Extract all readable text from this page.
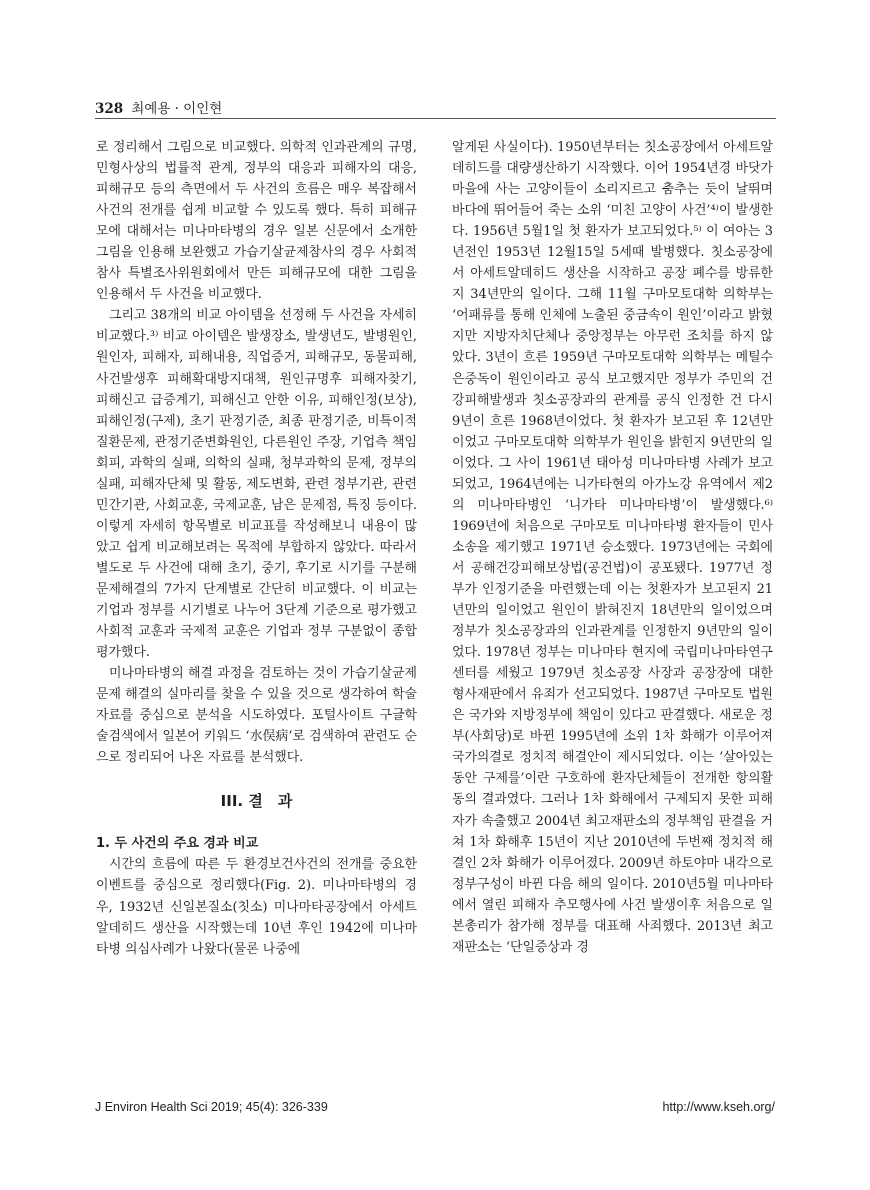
328 최예용 · 이인현

로 정리해서 그림으로 비교했다. 의학적 인과관계의 규명, 민형사상의 법률적 관계, 정부의 대응과 피해자의 대응, 피해규모 등의 측면에서 두 사건의 흐름은 매우 복잡해서 사건의 전개를 쉽게 비교할 수 있도록 했다. 특히 피해규모에 대해서는 미나마타병의 경우 일본 신문에서 소개한 그림을 인용해 보완했고 가습기살균제참사의 경우 사회적참사 특별조사위원회에서 만든 피해규모에 대한 그림을 인용해서 두 사건을 비교했다.

그리고 38개의 비교 아이템을 선정해 두 사건을 자세히 비교했다.³⁾ 비교 아이템은 발생장소, 발생년도, 발병원인, 원인자, 피해자, 피해내용, 직업증거, 피해규모, 동물피해, 사건발생후 피해확대방지대책, 원인규명후 피해자찾기, 피해신고 급증계기, 피해신고 안한 이유, 피해인정(보상), 피해인정(구제), 초기 판정기준, 최종 판정기준, 비특이적 질환문제, 관정기준변화원인, 다른원인 주장, 기업측 책임회피, 과학의 실패, 의학의 실패, 청부과학의 문제, 정부의 실패, 피해자단체 및 활동, 제도변화, 관련 정부기관, 관련 민간기관, 사회교훈, 국제교훈, 남은 문제점, 특징 등이다. 이렇게 자세히 항목별로 비교표를 작성해보니 내용이 많았고 쉽게 비교해보려는 목적에 부합하지 않았다. 따라서 별도로 두 사건에 대해 초기, 중기, 후기로 시기를 구분해 문제해결의 7가지 단계별로 간단히 비교했다. 이 비교는 기업과 정부를 시기별로 나누어 3단계 기준으로 평가했고 사회적 교훈과 국제적 교훈은 기업과 정부 구분없이 종합평가했다.

미나마타병의 해결 과정을 검토하는 것이 가습기살균제 문제 해결의 실마리를 찾을 수 있을 것으로 생각하여 학술 자료를 중심으로 분석을 시도하였다. 포털사이트 구글학술검색에서 일본어 키워드 ‘水俣病’로 검색하여 관련도 순으로 정리되어 나온 자료를 분석했다.

III. 결　과
1. 두 사건의 주요 경과 비교

시간의 흐름에 따른 두 환경보건사건의 전개를 중요한 이벤트를 중심으로 정리했다(Fig. 2). 미나마타병의 경우, 1932년 신일본질소(칫소) 미나마타공장에서 아세트알데히드 생산을 시작했는데 10년 후인 1942에 미나마타병 의심사례가 나왔다(물론 나중에

알게된 사실이다). 1950년부터는 칫소공장에서 아세트알데히드를 대량생산하기 시작했다. 이어 1954년경 바닷가 마을에 사는 고양이들이 소리지르고 춤추는 듯이 날뛰며 바다에 뛰어들어 죽는 소위 ‘미친 고양이 사건’⁴⁾이 발생한다. 1956년 5월1일 첫 환자가 보고되었다.⁵⁾ 이 여아는 3년전인 1953년 12월15일 5세때 발병했다. 칫소공장에서 아세트알데히드 생산을 시작하고 공장 폐수를 방류한지 34년만의 일이다. 그해 11월 구마모토대학 의학부는 ‘어패류를 통해 인체에 노출된 중금속이 원인’이라고 밝혔지만 지방자치단체나 중앙정부는 아무런 조치를 하지 않았다. 3년이 흐른 1959년 구마모토대학 의학부는 메틸수은중독이 원인이라고 공식 보고했지만 정부가 주민의 건강피해발생과 칫소공장과의 관계를 공식 인정한 건 다시 9년이 흐른 1968년이었다. 첫 환자가 보고된 후 12년만이었고 구마모토대학 의학부가 원인을 밝힌지 9년만의 일이었다. 그 사이 1961년 태아성 미나마타병 사례가 보고되었고, 1964년에는 니가타현의 아가노강 유역에서 제2의 미나마타병인 ‘니가타 미나마타병’이 발생했다.⁶⁾ 1969년에 처음으로 구마모토 미나마타병 환자들이 민사소송을 제기했고 1971년 승소했다. 1973년에는 국회에서 공해건강피해보상법(공건법)이 공포됐다. 1977년 정부가 인정기준을 마련했는데 이는 첫환자가 보고된지 21년만의 일이었고 원인이 밝혀진지 18년만의 일이었으며 정부가 칫소공장과의 인과관계를 인정한지 9년만의 일이었다. 1978년 정부는 미나마타 현지에 국립미나마타연구센터를 세웠고 1979년 칫소공장 사장과 공장장에 대한 형사재판에서 유죄가 선고되었다. 1987년 구마모토 법원은 국가와 지방정부에 책임이 있다고 판결했다. 새로운 정부(사회당)로 바뀐 1995년에 소위 1차 화해가 이루어져 국가의결로 정치적 해결안이 제시되었다. 이는 ‘살아있는 동안 구제를’이란 구호하에 환자단체들이 전개한 항의활동의 결과였다. 그러나 1차 화해에서 구제되지 못한 피해자가 속출했고 2004년 최고재판소의 정부책임 판결을 거쳐 1차 화해후 15년이 지난 2010년에 두번째 정치적 해결인 2차 화해가 이루어졌다. 2009년 하토야마 내각으로 정부구성이 바뀐 다음 해의 일이다. 2010년5월 미나마타에서 열린 피해자 추모행사에 사건 발생이후 처음으로 일본총리가 참가해 정부를 대표해 사죄했다. 2013년 최고재판소는 ‘단일증상과 경

J Environ Health Sci 2019; 45(4): 326-339	http://www.kseh.org/
